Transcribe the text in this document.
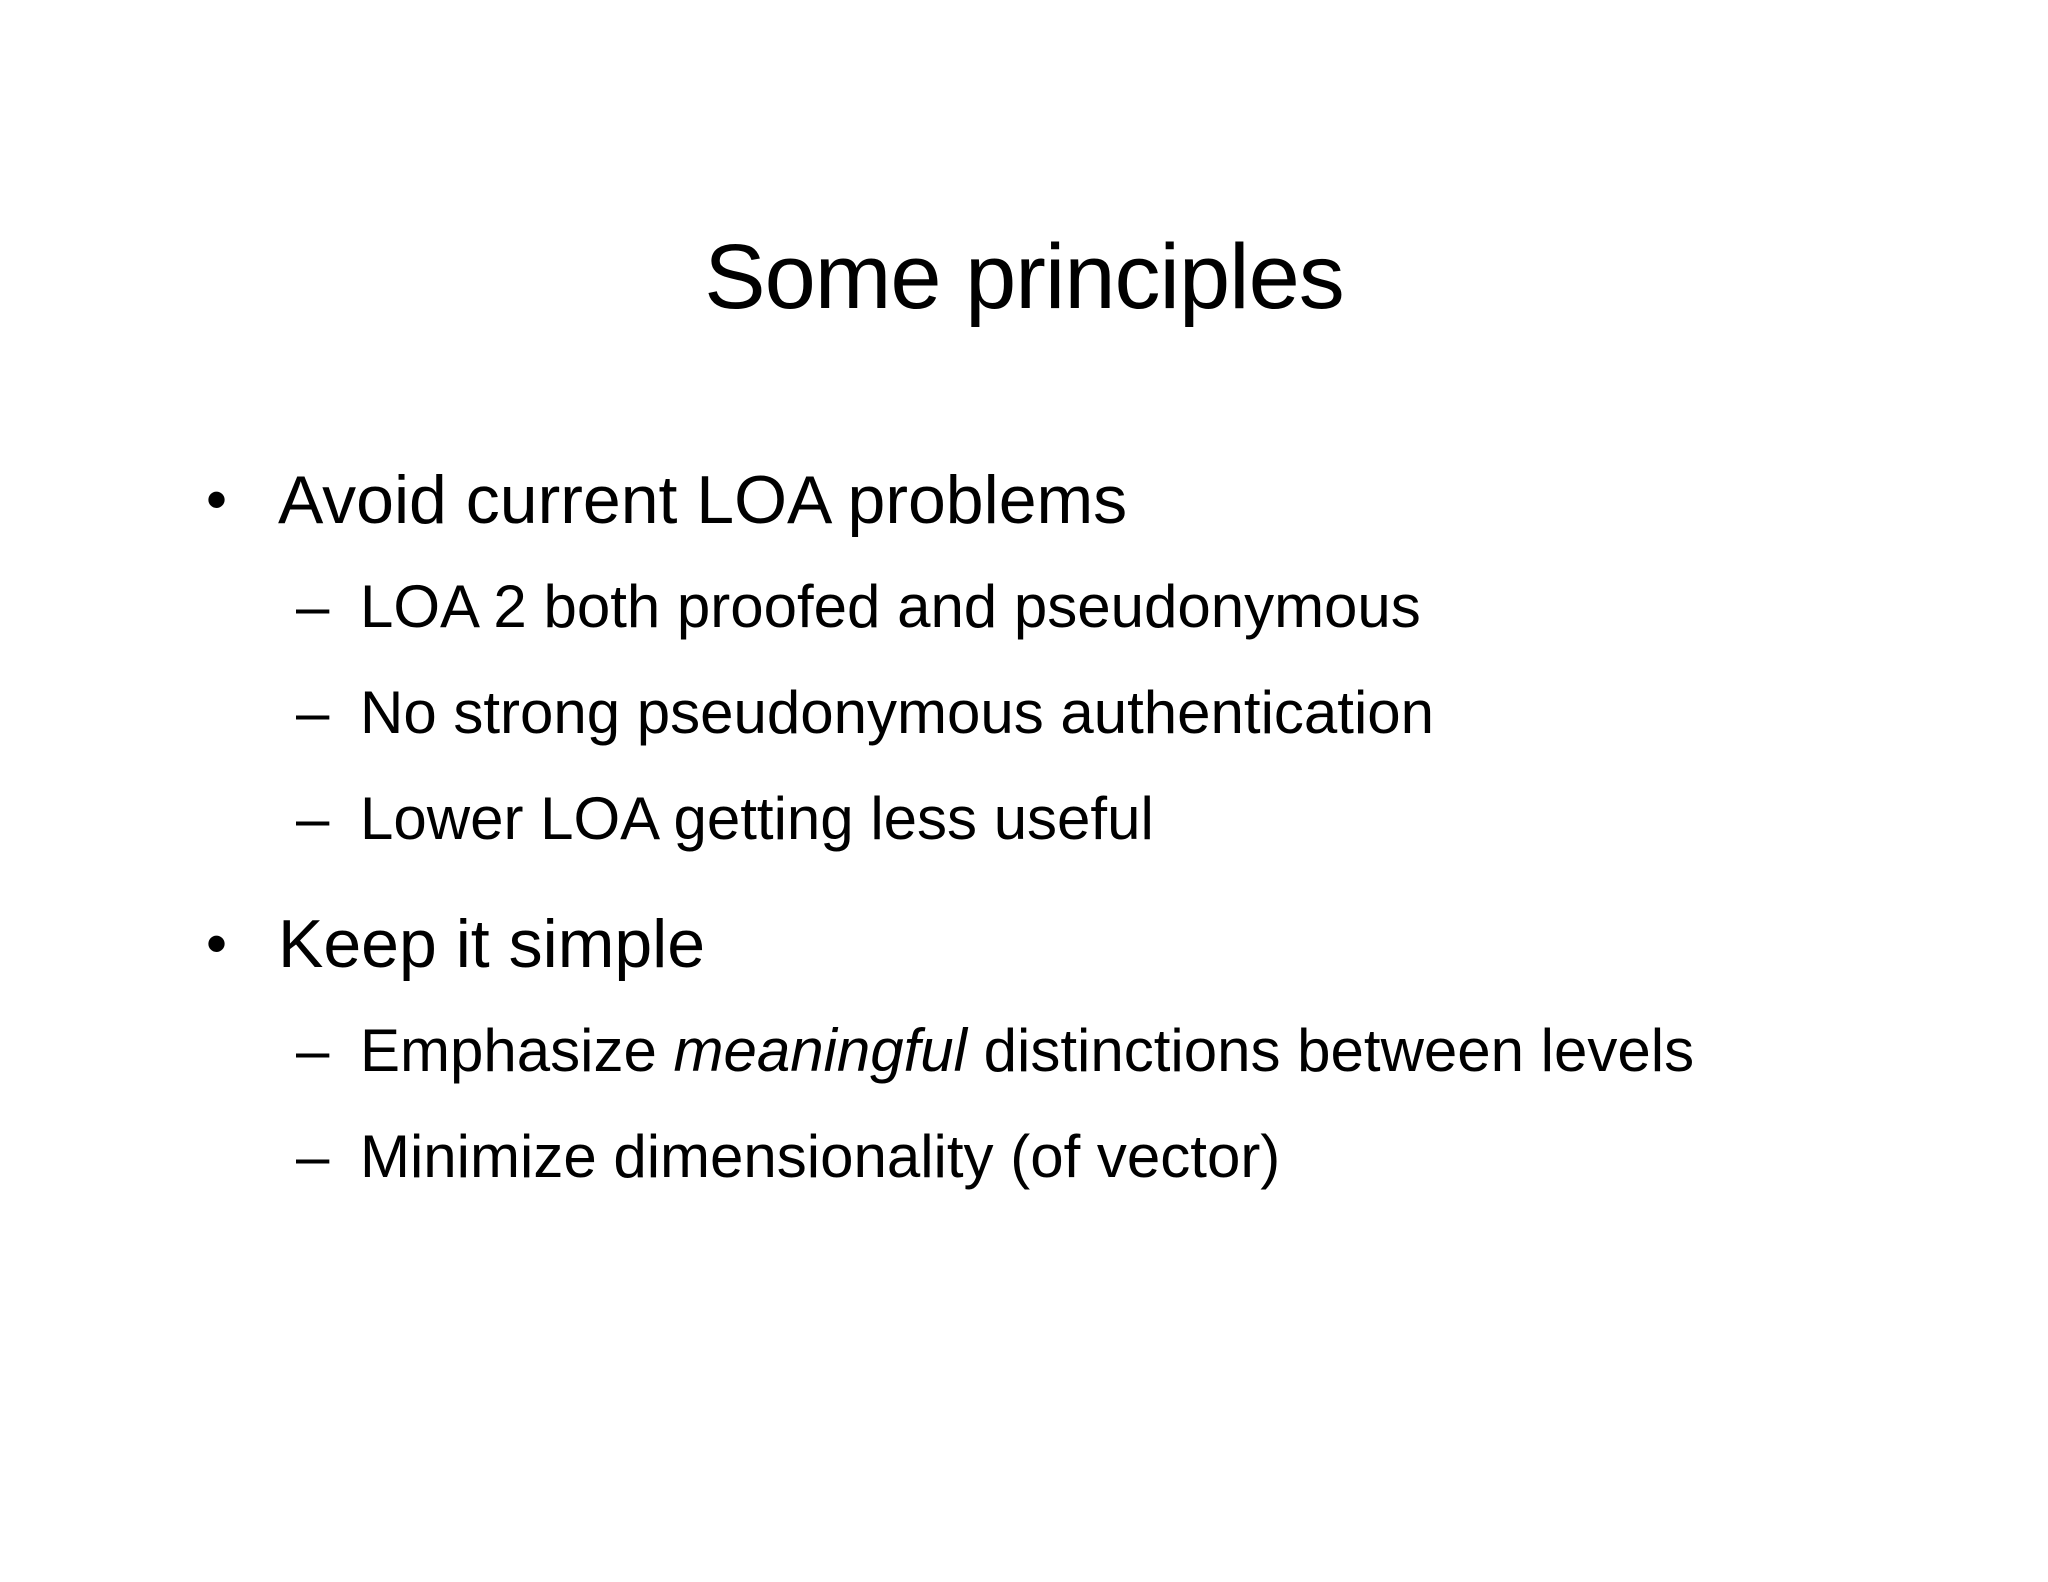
Some principles
• Avoid current LOA problems
– LOA 2 both proofed and pseudonymous
– No strong pseudonymous authentication
– Lower LOA getting less useful
• Keep it simple
– Emphasize meaningful distinctions between levels
– Minimize dimensionality (of vector)
